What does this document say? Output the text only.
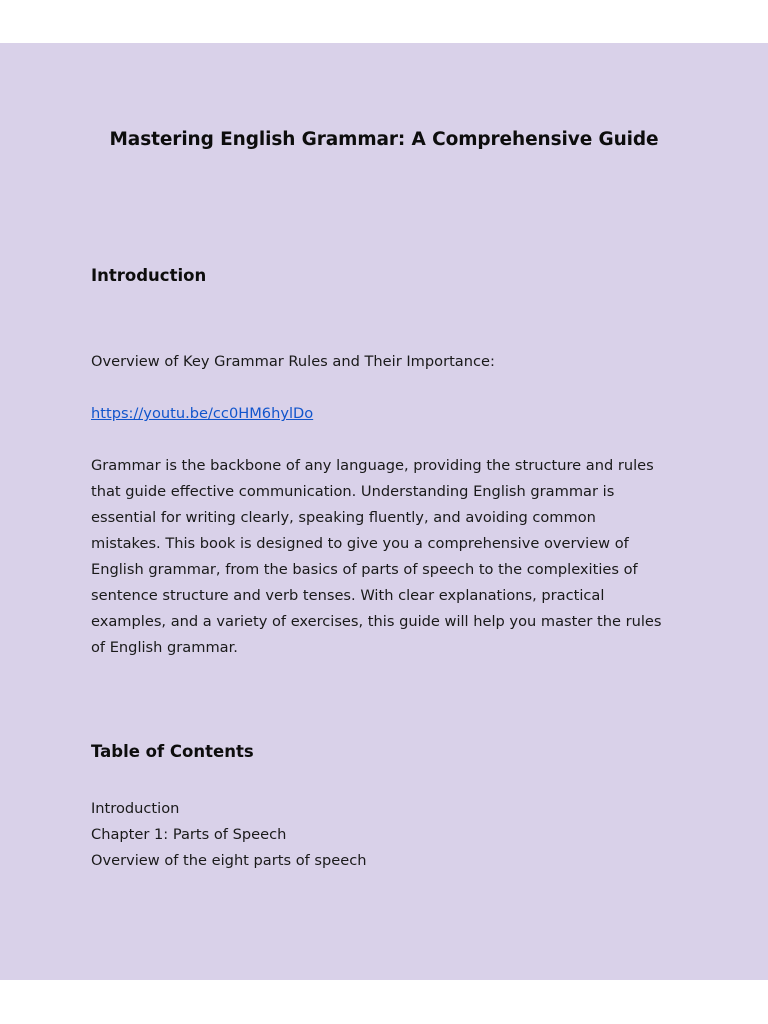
Mastering English Grammar: A Comprehensive Guide
Introduction
Overview of Key Grammar Rules and Their Importance:
https://youtu.be/cc0HM6hylDo
Grammar is the backbone of any language, providing the structure and rules
that guide effective communication. Understanding English grammar is
essential for writing clearly, speaking fluently, and avoiding common
mistakes. This book is designed to give you a comprehensive overview of
English grammar, from the basics of parts of speech to the complexities of
sentence structure and verb tenses. With clear explanations, practical
examples, and a variety of exercises, this guide will help you master the rules
of English grammar.
Table of Contents
Introduction
Chapter 1: Parts of Speech
Overview of the eight parts of speech
